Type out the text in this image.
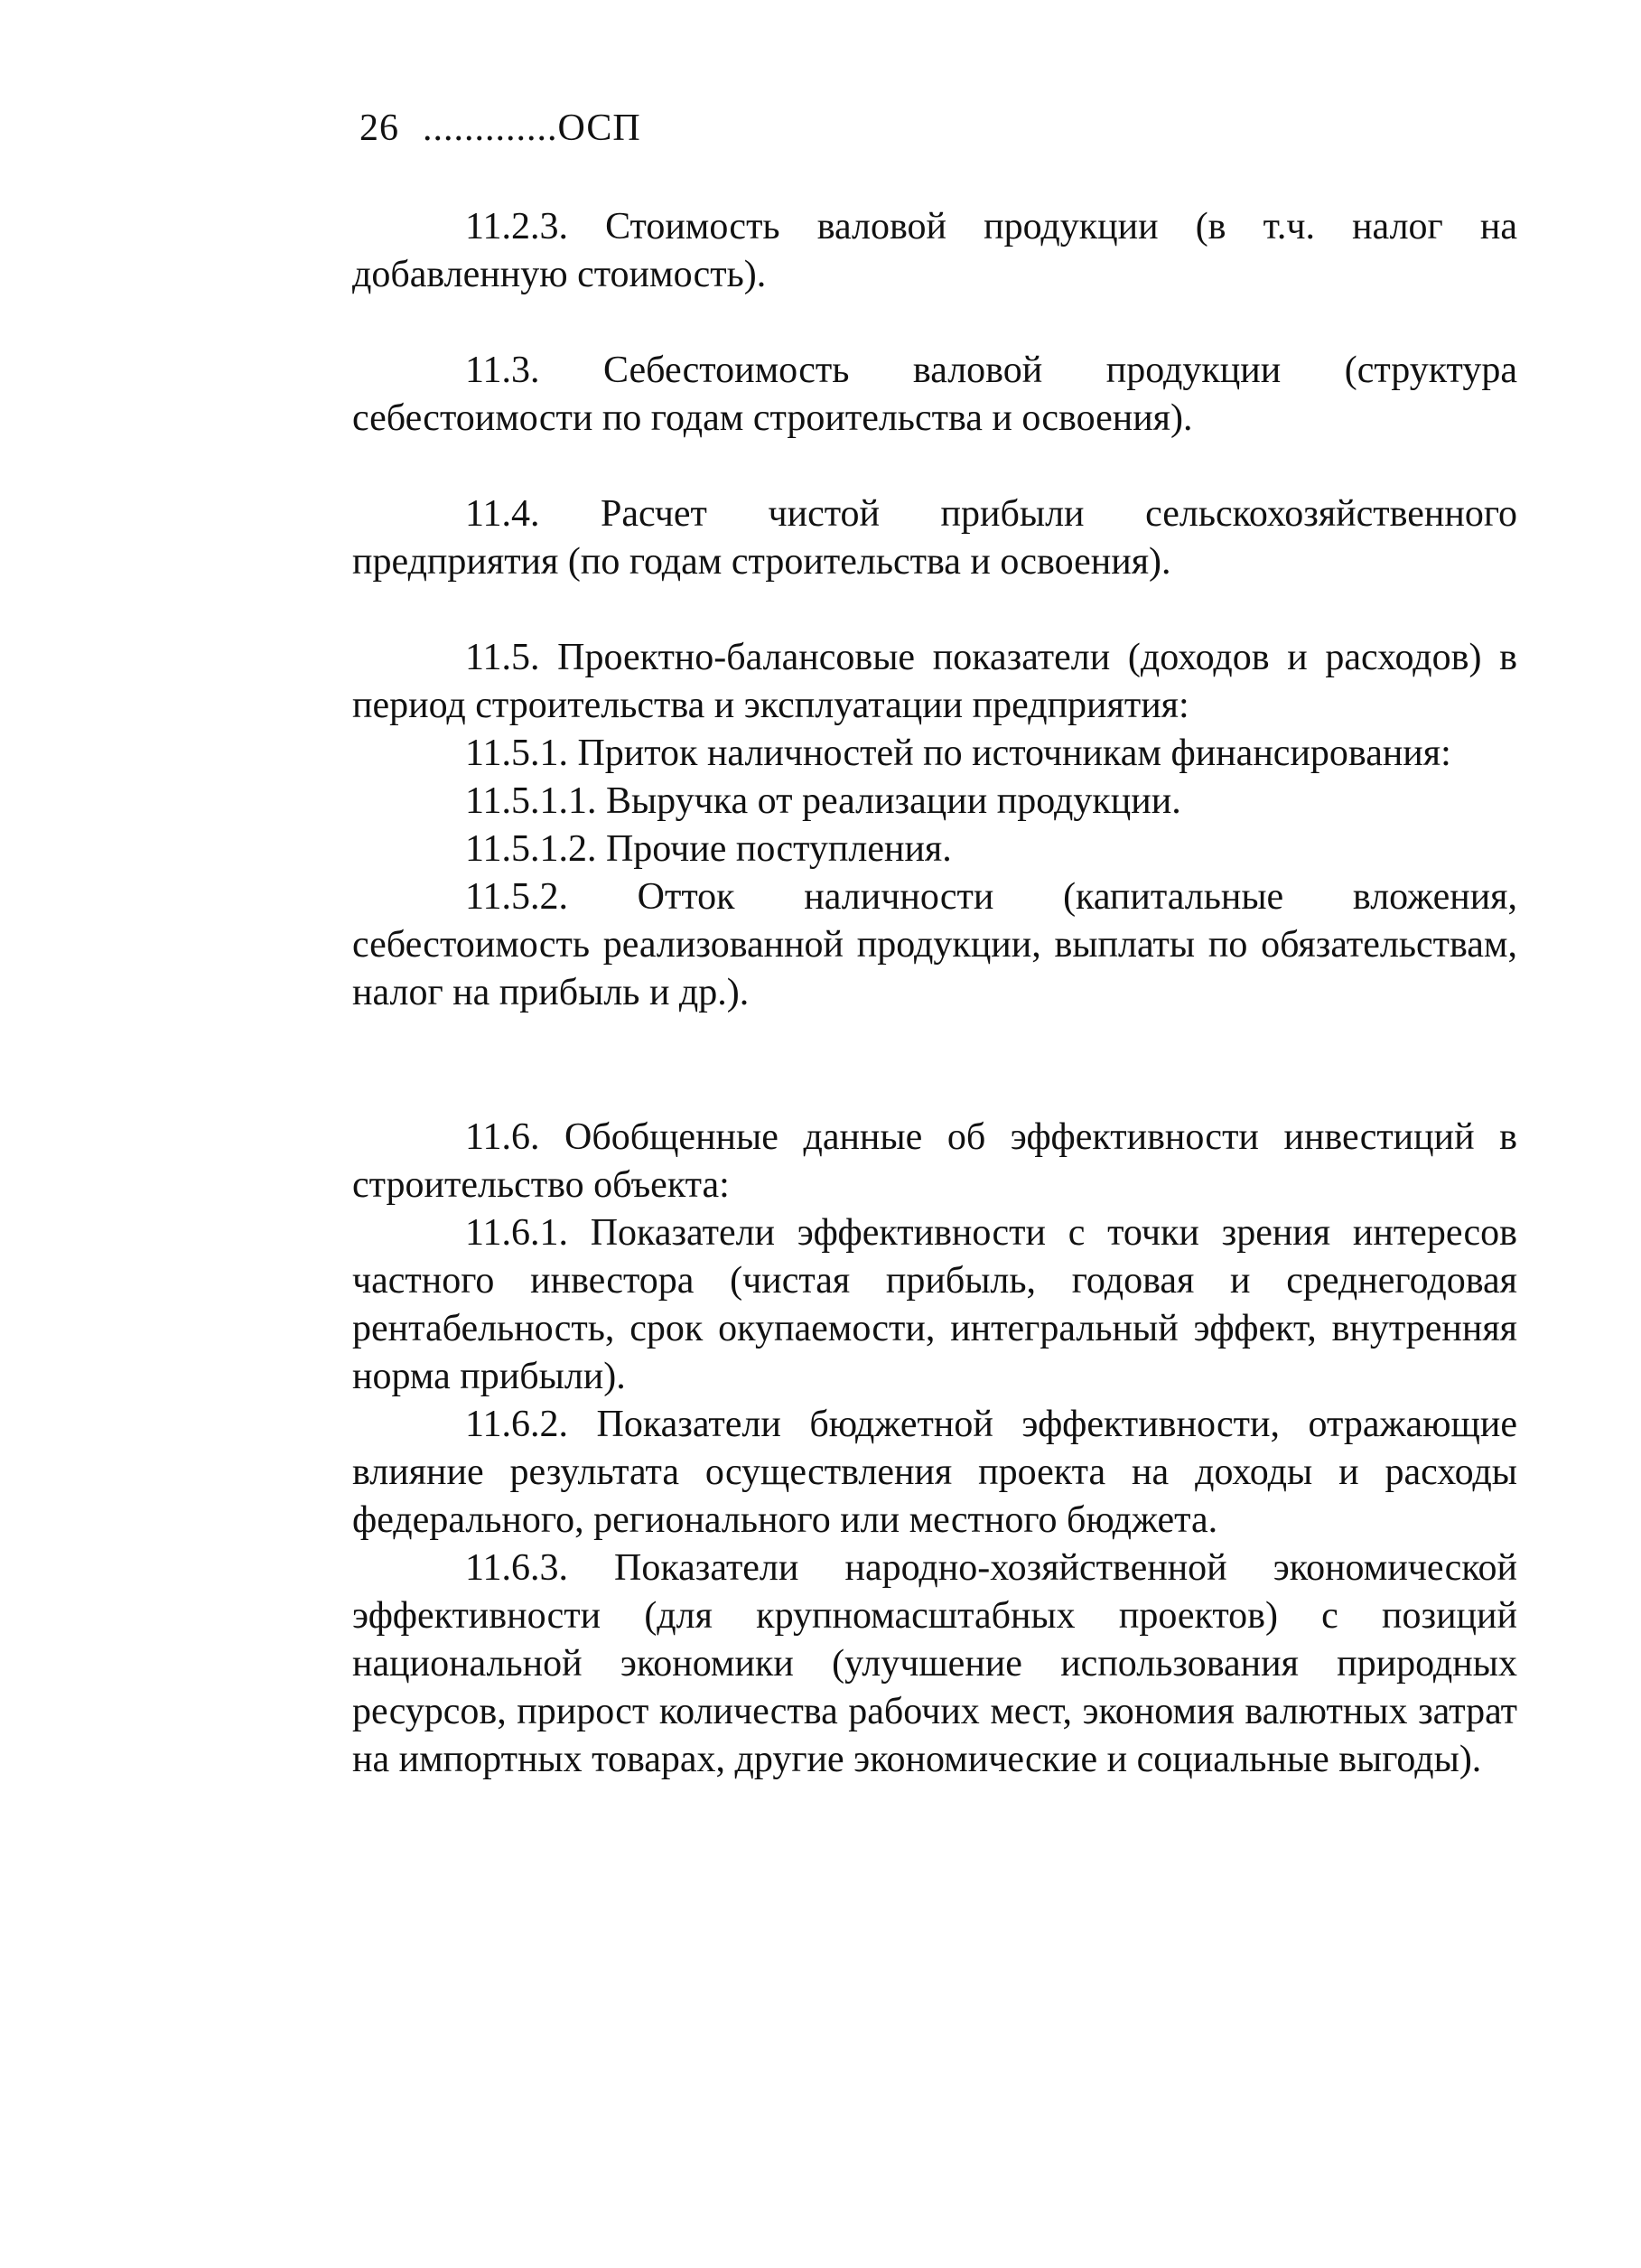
26 .............ОСП

11.2.3. Стоимость валовой продукции (в т.ч. налог на добавленную стоимость).

11.3. Себестоимость валовой продукции (структура себестоимости по годам строительства и освоения).

11.4. Расчет чистой прибыли сельскохозяйственного предприятия (по годам строительства и освоения).

11.5. Проектно-балансовые показатели (доходов и расходов) в период строительства и эксплуатации предприятия:

11.5.1. Приток наличностей по источникам финансирования:

11.5.1.1. Выручка от реализации продукции.

11.5.1.2. Прочие поступления.

11.5.2. Отток наличности (капитальные вложения, себестоимость реализованной продукции, выплаты по обязательствам, налог на прибыль и др.).

11.6. Обобщенные данные об эффективности инвестиций в строительство объекта:

11.6.1. Показатели эффективности с точки зрения интересов частного инвестора (чистая прибыль, годовая и среднегодовая рентабельность, срок окупаемости, интегральный эффект, внутренняя норма прибыли).

11.6.2. Показатели бюджетной эффективности, отражающие влияние результата осуществления проекта на доходы и расходы федерального, регионального или местного бюджета.

11.6.3. Показатели народно-хозяйственной экономической эффективности (для крупномасштабных проектов) с позиций национальной экономики (улучшение использования природных ресурсов, прирост количества рабочих мест, экономия валютных затрат на импортных товарах, другие экономические и социальные выгоды).
